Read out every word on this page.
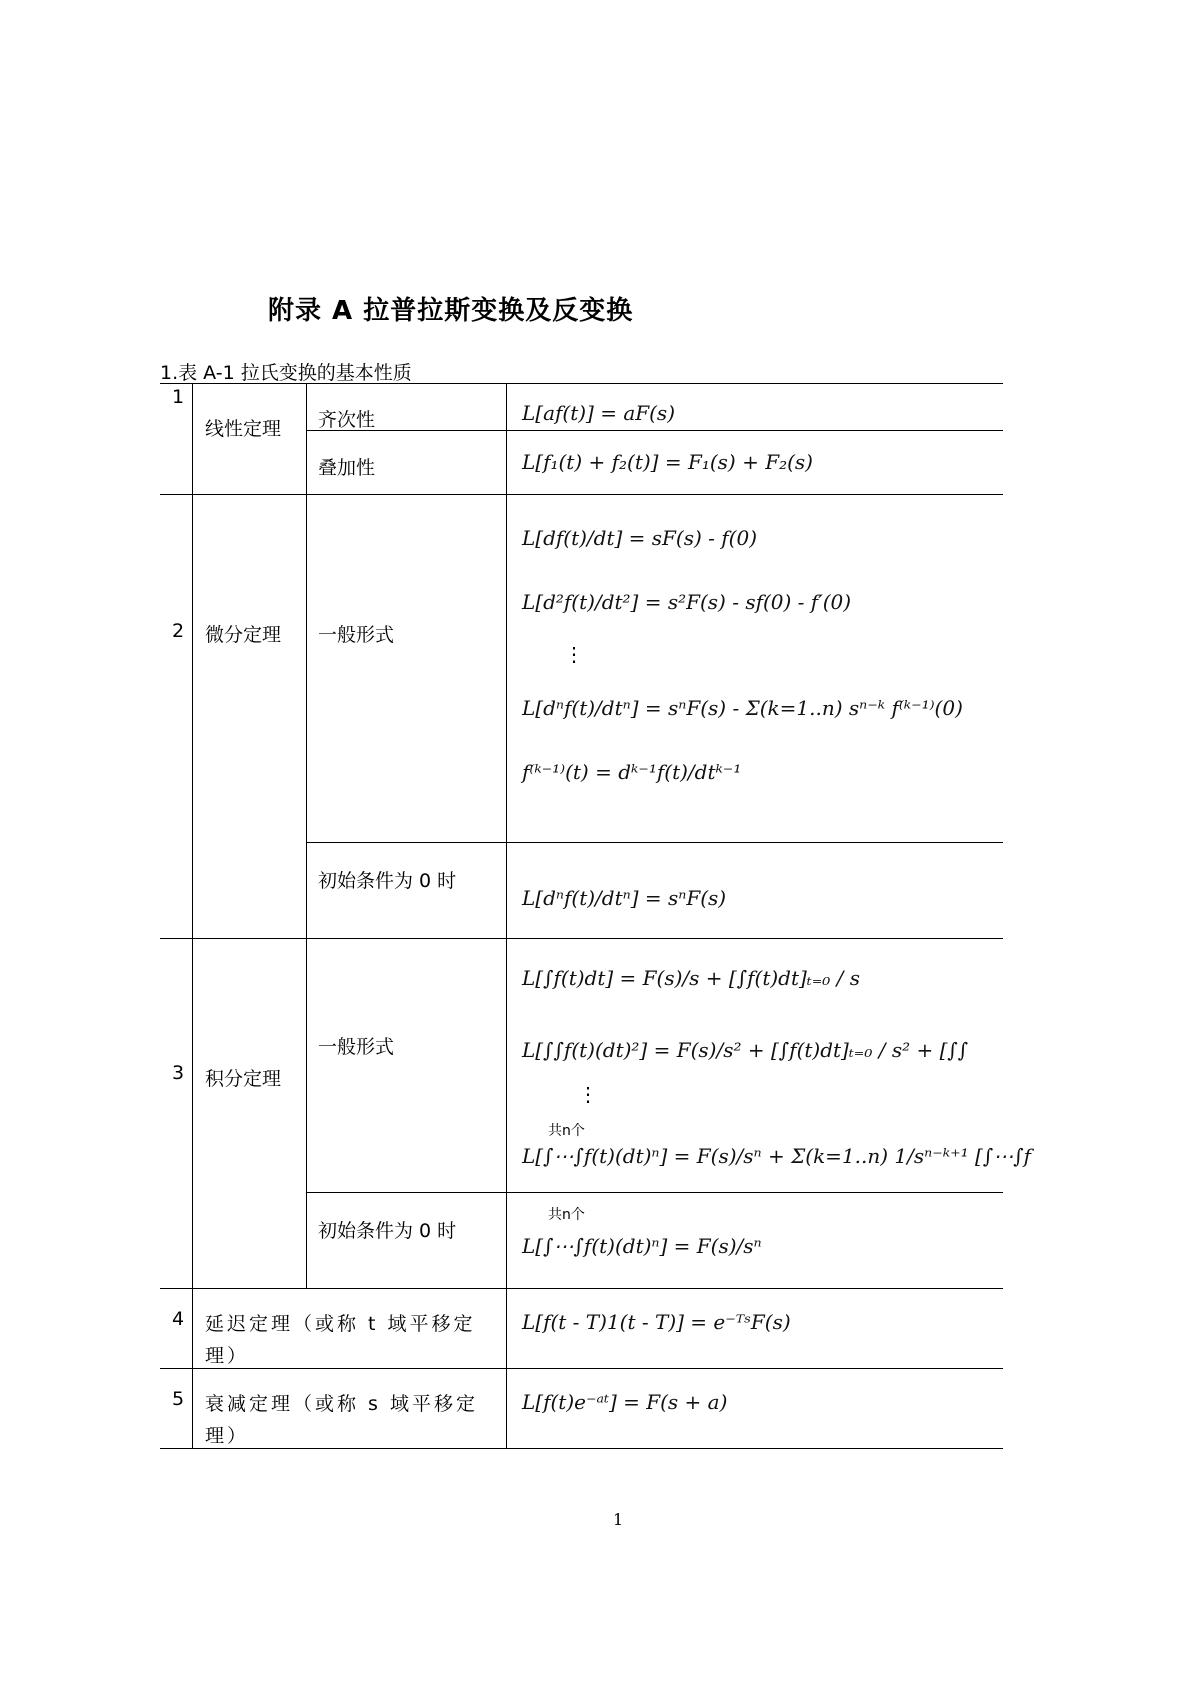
附录 A 拉普拉斯变换及反变换
1.表 A-1 拉氏变换的基本性质
1
2
3
4
5
线性定理
微分定理
积分定理
延迟定理（或称 t 域平移定理）
衰减定理（或称 s 域平移定理）
齐次性
叠加性
一般形式
初始条件为 0 时
一般形式
初始条件为 0 时
L[af(t)] = aF(s)
L[f₁(t) + f₂(t)] = F₁(s) + F₂(s)
L[df(t)/dt] = sF(s) - f(0)
L[d²f(t)/dt²] = s²F(s) - sf(0) - f′(0)
⋮
L[dⁿf(t)/dtⁿ] = sⁿF(s) - Σ(k=1..n) sⁿ⁻ᵏ f⁽ᵏ⁻¹⁾(0)
f⁽ᵏ⁻¹⁾(t) = dᵏ⁻¹f(t)/dtᵏ⁻¹
L[dⁿf(t)/dtⁿ] = sⁿF(s)
L[∫f(t)dt] = F(s)/s + [∫f(t)dt]ₜ₌₀ / s
L[∫∫f(t)(dt)²] = F(s)/s² + [∫f(t)dt]ₜ₌₀ / s² + [∫∫
⋮
共n个
L[∫⋯∫f(t)(dt)ⁿ] = F(s)/sⁿ + Σ(k=1..n) 1/sⁿ⁻ᵏ⁺¹ [∫⋯∫f
共n个
L[∫⋯∫f(t)(dt)ⁿ] = F(s)/sⁿ
L[f(t - T)1(t - T)] = e⁻ᵀˢF(s)
L[f(t)e⁻ᵃᵗ] = F(s + a)
1
